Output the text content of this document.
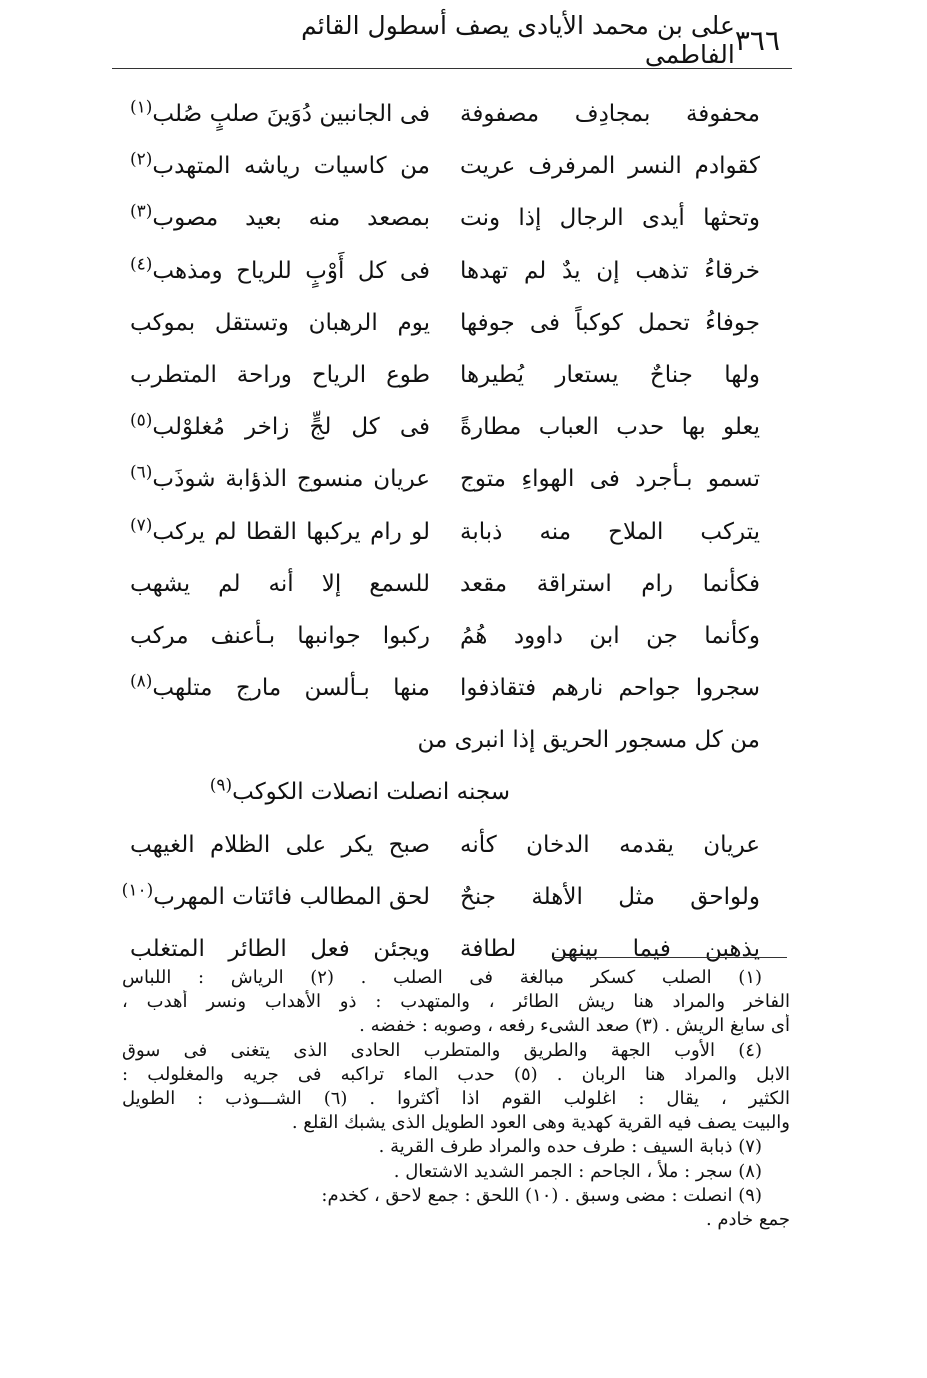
٣٦٦
على بن محمد الأيادى يصف أسطول القائم الفاطمى
محفوفة بمجادِف مصفوفة
فى الجانبين دُوَينَ صلبٍ صُلب$^{(١)}$
كقوادم النسر المرفرف عريت
من كاسيات رياشه المتهدب$^{(٢)}$
وتحثها أيدى الرجال إذا ونت
بمصعد منه بعيد مصوب$^{(٣)}$
خرقاءُ تذهب إن يدٌ لم تهدها
فى كل أَوْبٍ للرياح ومذهب$^{(٤)}$
جوفاءُ تحمل كوكباً فى جوفها
يوم الرهبان وتستقل بموكب
ولها جناحٌ يستعار يُطيرها
طوع الرياح وراحة المتطرب
يعلو بها حدب العباب مطارةً
فى كل لجٍّ زاخر مُغلوْلب$^{(٥)}$
تسمو بـأجرد فى الهواءِ متوج
عريان منسوج الذؤابة شوذَب$^{(٦)}$
يتركب الملاح منه ذبابة
لو رام يركبها القطا لم يركب$^{(٧)}$
فكأنما رام استراقة مقعد
للسمع إلا أنه لم يشهب
وكأنما جن ابن داوود هُمُ
ركبوا جوانبها بـأعنف مركب
سجروا جواحم نارهم فتقاذفوا
منها بـألسن مارج متلهب$^{(٨)}$
من كل مسجور الحريق إذا انبرى من
سجنه انصلت انصلات الكوكب$^{(٩)}$
عريان يقدمه الدخان كأنه
صبح يكر على الظلام الغيهب
ولواحق مثل الأهلة جنحٌ
لحق المطالب فائتات المهرب$^{(١٠)}$
يذهبن فيما بينهن لطافة
ويجئن فعل الطائر المتغلب
(١) الصلب كسكر مبالغة فى الصلب . (٢) الرياش : اللباس
الفاخر والمراد هنا ريش الطائر ، والمتهدب : ذو الأهداب ونسر أهدب ،
أى سابغ الريش . (٣) صعد الشىء رفعه ، وصوبه : خفضه .
(٤) الأوب الجهة والطريق والمتطرب الحادى الذى يتغنى فى سوق
الابل والمراد هنا الربان . (٥) حدب الماء تراكبه فى جريه والمغلولب :
الكثير ، يقال : اغلولب القوم اذا أكثروا . (٦) الشـــوذب : الطويل
والبيت يصف فيه القرية كهدية وهى العود الطويل الذى يشبك القلع .
(٧) ذبابة السيف : طرف حده والمراد طرف القرية .
(٨) سجر : ملأ ، الجاحم : الجمر الشديد الاشتعال .
(٩) انصلت : مضى وسبق . (١٠) اللحق : جمع لاحق ، كخدم:
جمع خادم .
